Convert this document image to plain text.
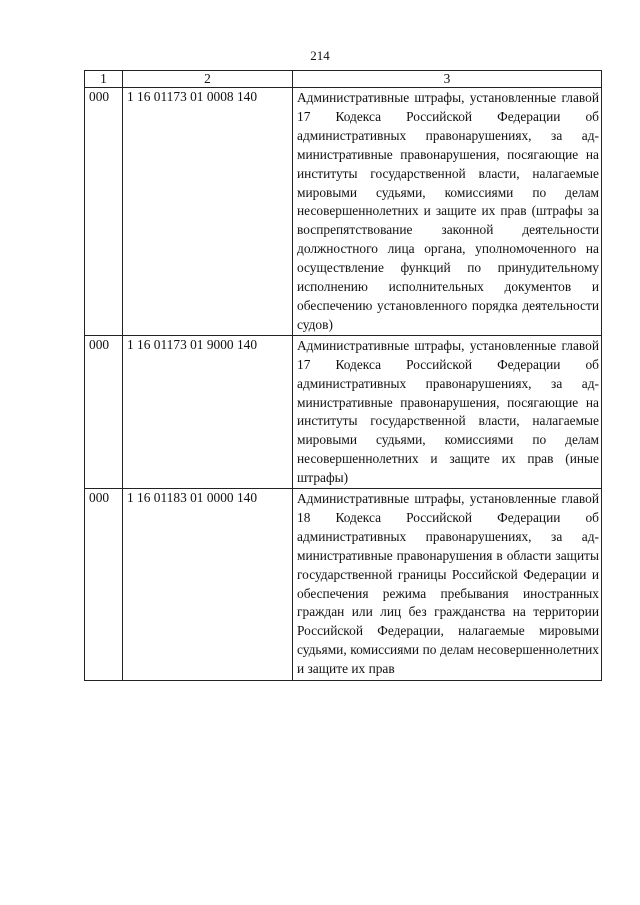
214
1	2	3
000	1 16 01173 01 0008 140	Административные штрафы, установленные главой 17 Кодекса Российской Федерации об административных правонарушениях, за административные правонарушения, посягающие на институты государственной власти, налагаемые мировыми судьями, комиссиями по делам несовершеннолетних и защите их прав (штрафы за воспрепятствование законной деятельности должностного лица органа, уполномоченного на осуществление функций по принудительному исполнению исполнительных документов и обеспечению установленного порядка деятельности судов)
000	1 16 01173 01 9000 140	Административные штрафы, установленные главой 17 Кодекса Российской Федерации об административных правонарушениях, за административные правонарушения, посягающие на институты государственной власти, налагаемые мировыми судьями, комиссиями по делам несовершеннолетних и защите их прав (иные штрафы)
000	1 16 01183 01 0000 140	Административные штрафы, установленные главой 18 Кодекса Российской Федерации об административных правонарушениях, за административные правонарушения в области защиты государственной границы Российской Федерации и обеспечения режима пребывания иностранных граждан или лиц без гражданства на территории Российской Федерации, налагаемые мировыми судьями, комиссиями по делам несовершеннолетних и защите их прав
